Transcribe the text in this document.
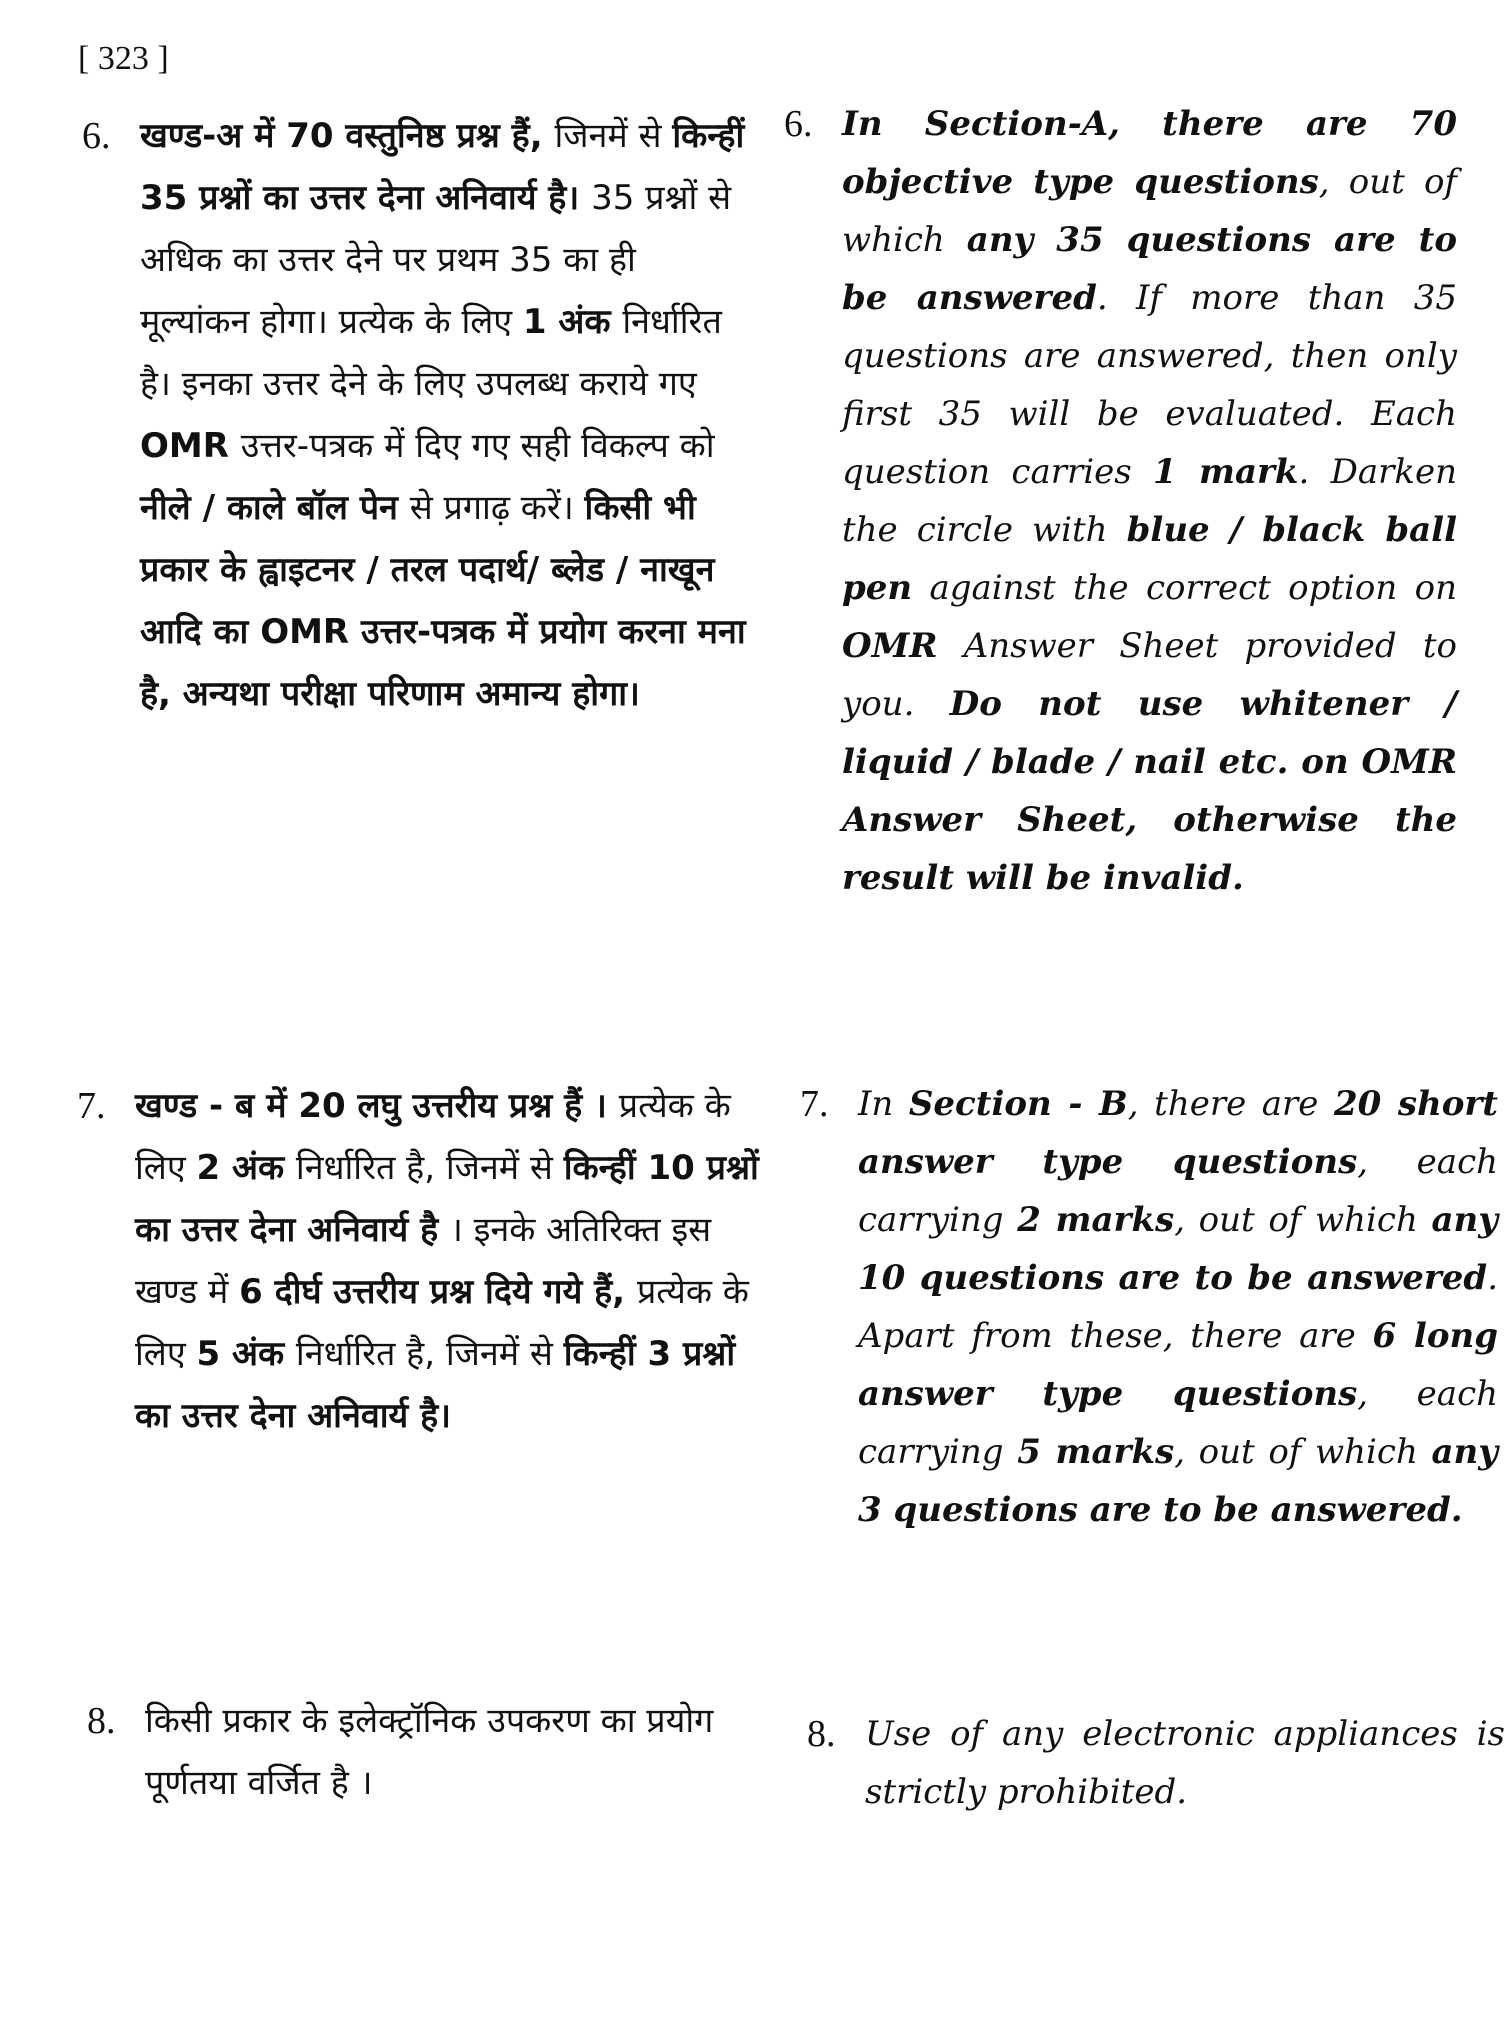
[ 323 ]
6. खण्ड-अ में 70 वस्तुनिष्ठ प्रश्न हैं, जिनमें से किन्हीं 35 प्रश्नों का उत्तर देना अनिवार्य है। 35 प्रश्नों से अधिक का उत्तर देने पर प्रथम 35 का ही मूल्यांकन होगा। प्रत्येक के लिए 1 अंक निर्धारित है। इनका उत्तर देने के लिए उपलब्ध कराये गए OMR उत्तर-पत्रक में दिए गए सही विकल्प को नीले / काले बॉल पेन से प्रगाढ़ करें। किसी भी प्रकार के ह्वाइटनर / तरल पदार्थ/ ब्लेड / नाखून आदि का OMR उत्तर-पत्रक में प्रयोग करना मना है, अन्यथा परीक्षा परिणाम अमान्य होगा।
6. In Section-A, there are 70 objective type questions, out of which any 35 questions are to be answered. If more than 35 questions are answered, then only first 35 will be evaluated. Each question carries 1 mark. Darken the circle with blue / black ball pen against the correct option on OMR Answer Sheet provided to you. Do not use whitener / liquid / blade / nail etc. on OMR Answer Sheet, otherwise the result will be invalid.
7. खण्ड - ब में 20 लघु उत्तरीय प्रश्न हैं । प्रत्येक के लिए 2 अंक निर्धारित है, जिनमें से किन्हीं 10 प्रश्नों का उत्तर देना अनिवार्य है । इनके अतिरिक्त इस खण्ड में 6 दीर्घ उत्तरीय प्रश्न दिये गये हैं, प्रत्येक के लिए 5 अंक निर्धारित है, जिनमें से किन्हीं 3 प्रश्नों का उत्तर देना अनिवार्य है।
7. In Section - B, there are 20 short answer type questions, each carrying 2 marks, out of which any 10 questions are to be answered. Apart from these, there are 6 long answer type questions, each carrying 5 marks, out of which any 3 questions are to be answered.
8. किसी प्रकार के इलेक्ट्रॉनिक उपकरण का प्रयोग पूर्णतया वर्जित है ।
8. Use of any electronic appliances is strictly prohibited.
